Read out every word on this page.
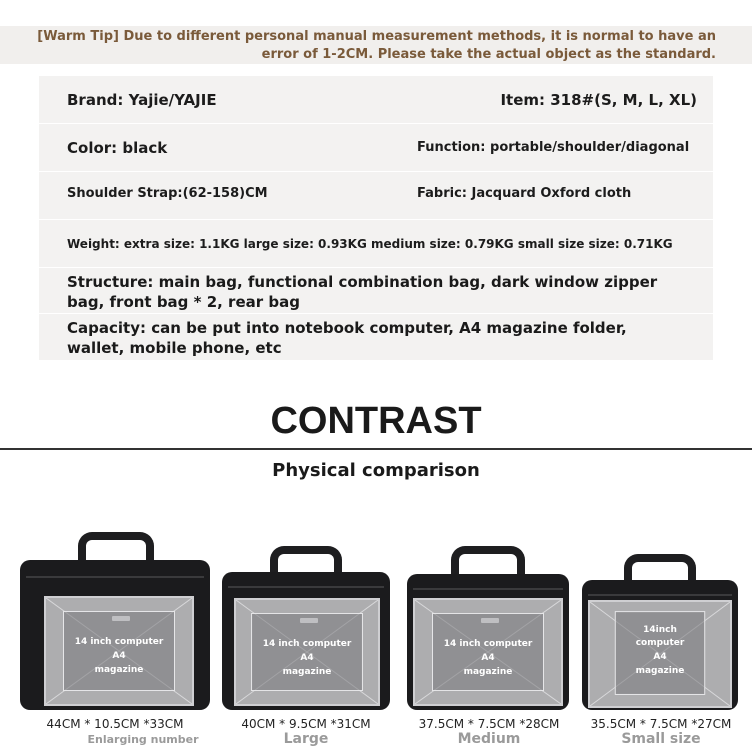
[Warm Tip] Due to different personal manual measurement methods, it is normal to have an error of 1-2CM. Please take the actual object as the standard.
Brand: Yajie/YAJIE	Item: 318#(S, M, L, XL)
Color: black	Function: portable/shoulder/diagonal
Shoulder Strap:(62-158)CM	Fabric: Jacquard Oxford cloth
Weight: extra size: 1.1KG large size: 0.93KG medium size: 0.79KG small size size: 0.71KG
Structure: main bag, functional combination bag, dark window zipper bag, front bag * 2, rear bag
Capacity: can be put into notebook computer, A4 magazine folder, wallet, mobile phone, etc
CONTRAST
Physical comparison
14 inch computer
A4
magazine
44CM * 10.5CM *33CM
Enlarging number
14 inch computer
A4
magazine
40CM * 9.5CM *31CM
Large
14 inch computer
A4
magazine
37.5CM * 7.5CM *28CM
Medium
14inch
computer
A4
magazine
35.5CM * 7.5CM *27CM
Small size
